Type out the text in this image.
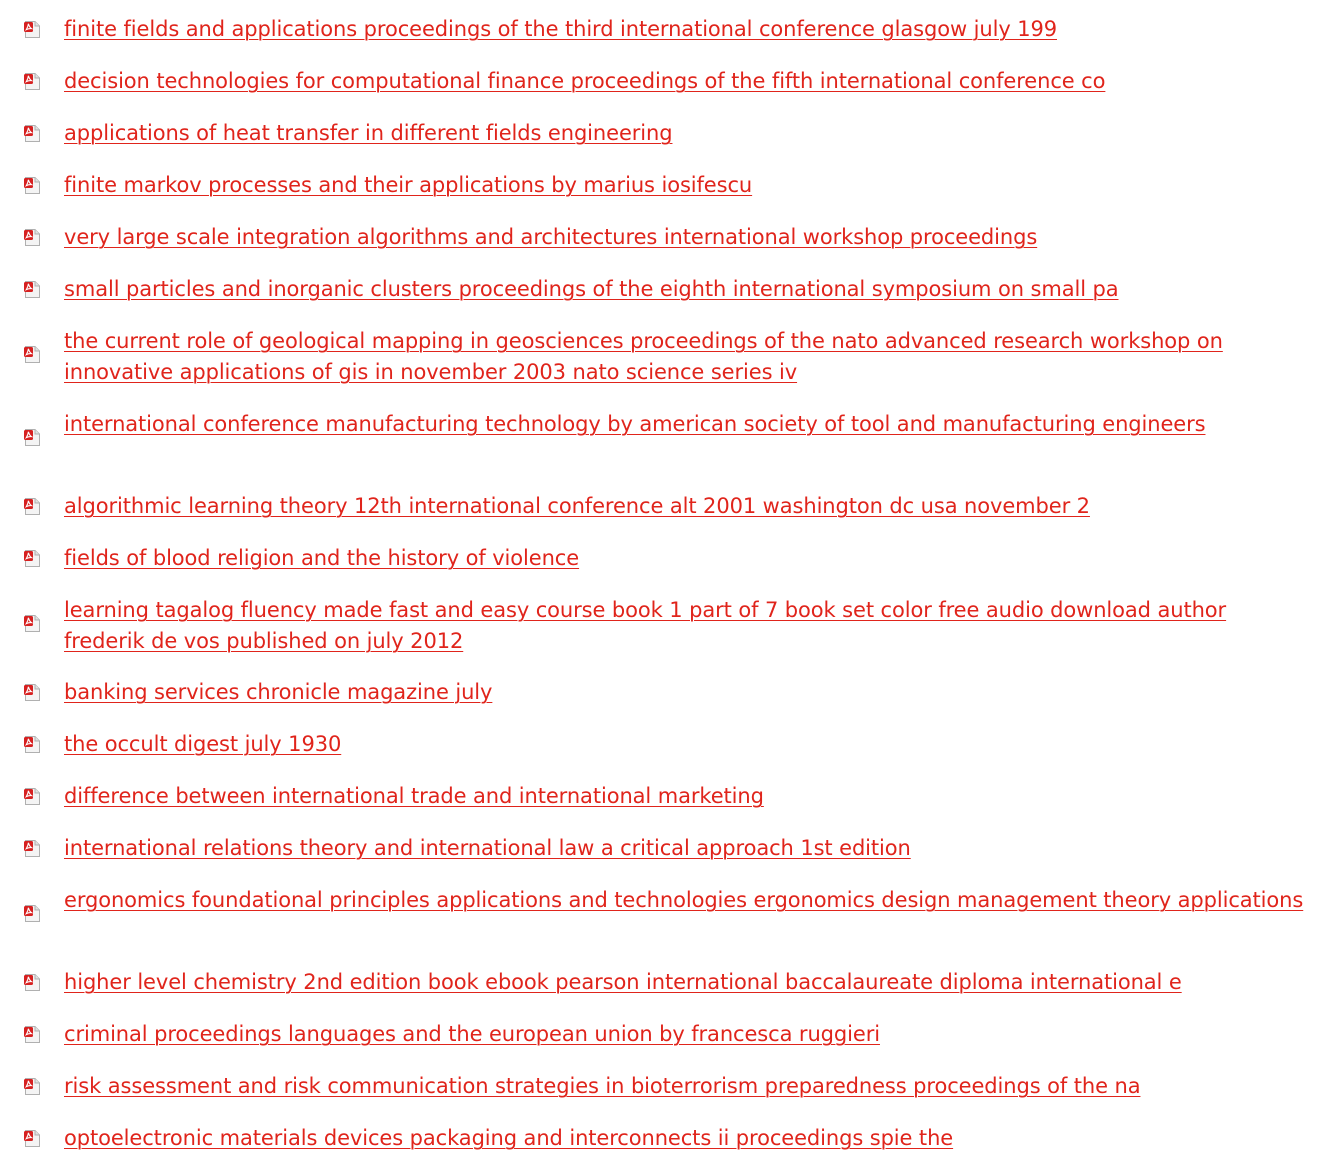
finite fields and applications proceedings of the third international conference glasgow july 199
decision technologies for computational finance proceedings of the fifth international conference co
applications of heat transfer in different fields engineering
finite markov processes and their applications by marius iosifescu
very large scale integration algorithms and architectures international workshop proceedings
small particles and inorganic clusters proceedings of the eighth international symposium on small pa
the current role of geological mapping in geosciences proceedings of the nato advanced research workshop on innovative applications of gis in november 2003 nato science series iv
international conference manufacturing technology by american society of tool and manufacturing engineers
algorithmic learning theory 12th international conference alt 2001 washington dc usa november 2
fields of blood religion and the history of violence
learning tagalog fluency made fast and easy course book 1 part of 7 book set color free audio download author frederik de vos published on july 2012
banking services chronicle magazine july
the occult digest july 1930
difference between international trade and international marketing
international relations theory and international law a critical approach 1st edition
ergonomics foundational principles applications and technologies ergonomics design management theory applications
higher level chemistry 2nd edition book ebook pearson international baccalaureate diploma international e
criminal proceedings languages and the european union by francesca ruggieri
risk assessment and risk communication strategies in bioterrorism preparedness proceedings of the na
optoelectronic materials devices packaging and interconnects ii proceedings spie the
